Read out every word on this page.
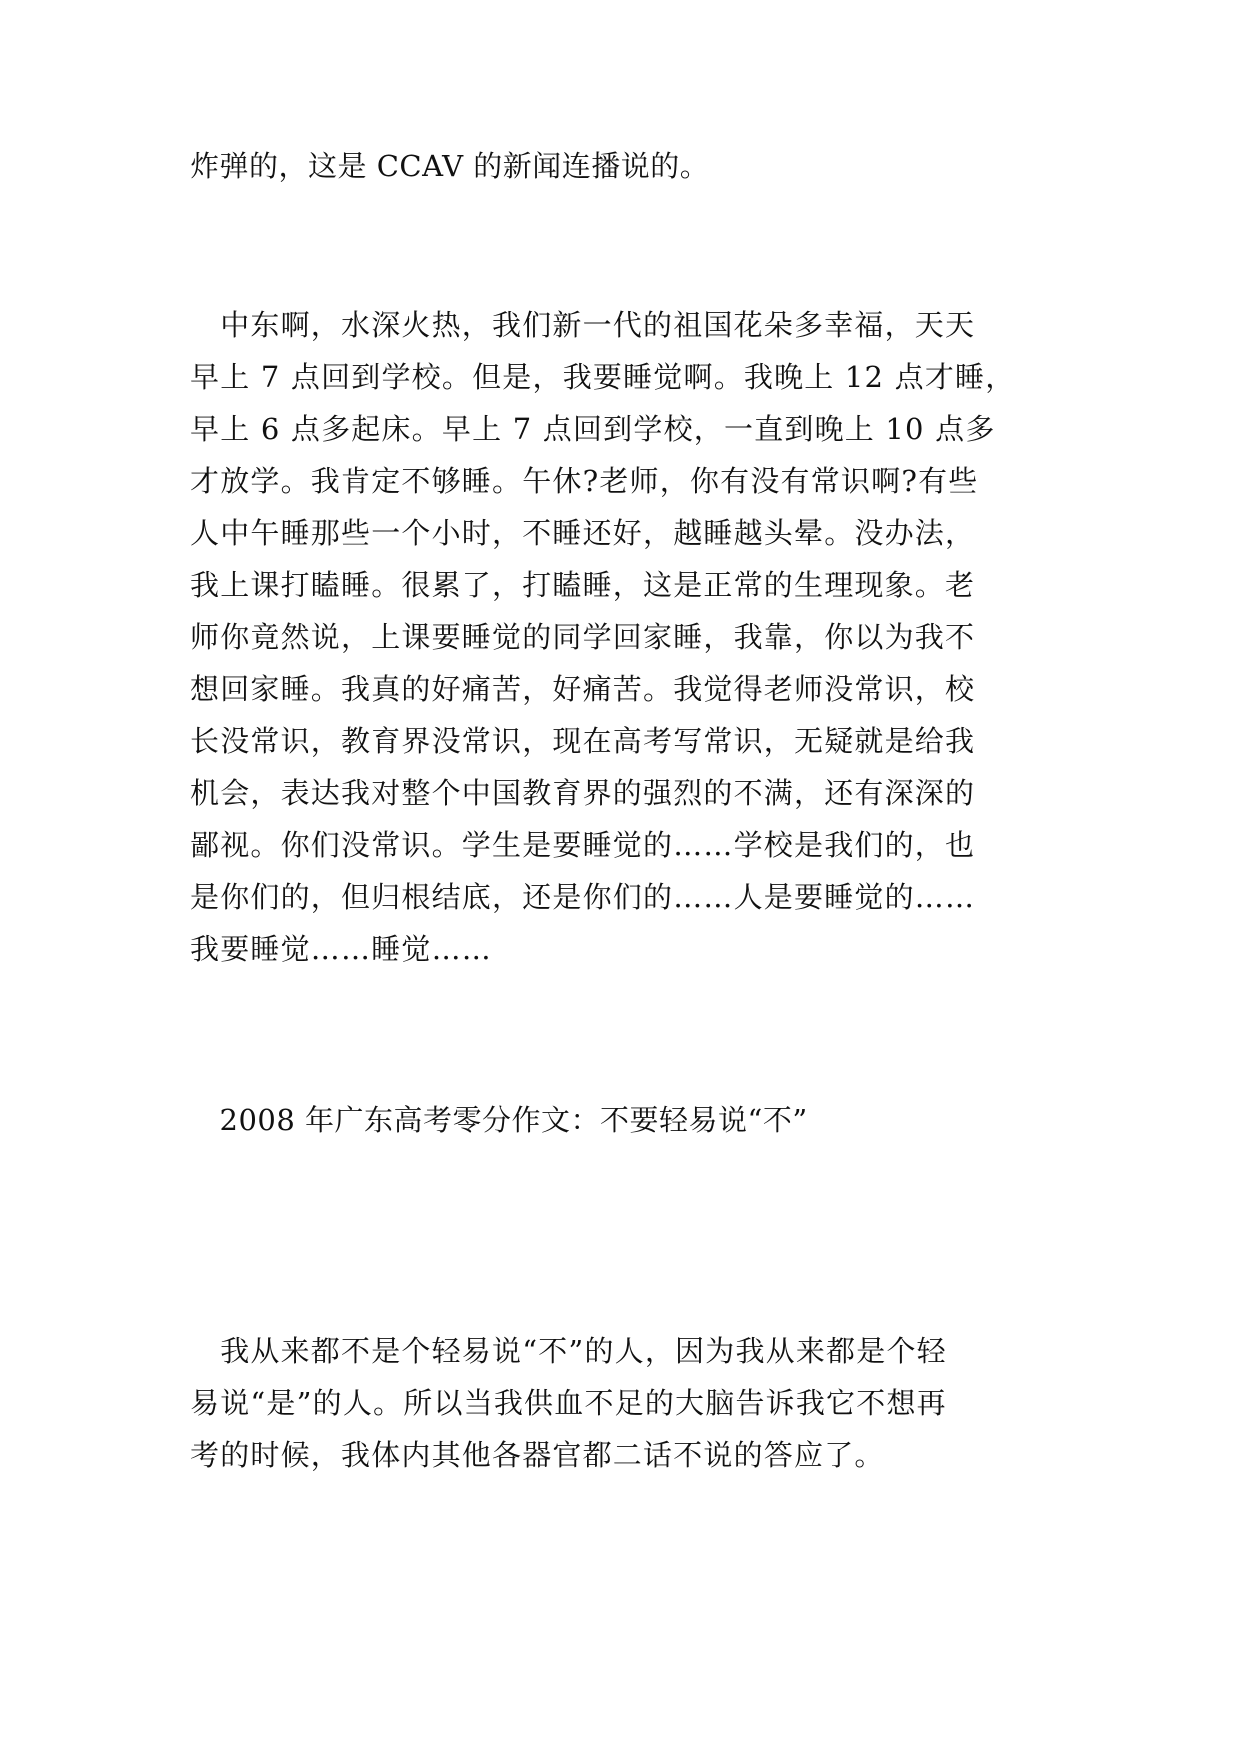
炸弹的，这是 CCAV 的新闻连播说的。
　中东啊，水深火热，我们新一代的祖国花朵多幸福，天天
早上 7 点回到学校。但是，我要睡觉啊。我晚上 12 点才睡，
早上 6 点多起床。早上 7 点回到学校，一直到晚上 10 点多
才放学。我肯定不够睡。午休?老师，你有没有常识啊?有些
人中午睡那些一个小时，不睡还好，越睡越头晕。没办法，
我上课打瞌睡。很累了，打瞌睡，这是正常的生理现象。老
师你竟然说，上课要睡觉的同学回家睡，我靠，你以为我不
想回家睡。我真的好痛苦，好痛苦。我觉得老师没常识，校
长没常识，教育界没常识，现在高考写常识，无疑就是给我
机会，表达我对整个中国教育界的强烈的不满，还有深深的
鄙视。你们没常识。学生是要睡觉的……学校是我们的，也
是你们的，但归根结底，还是你们的……人是要睡觉的……
我要睡觉……睡觉……
　2008 年广东高考零分作文：不要轻易说“不”
　我从来都不是个轻易说“不”的人，因为我从来都是个轻
易说“是”的人。所以当我供血不足的大脑告诉我它不想再
考的时候，我体内其他各器官都二话不说的答应了。
